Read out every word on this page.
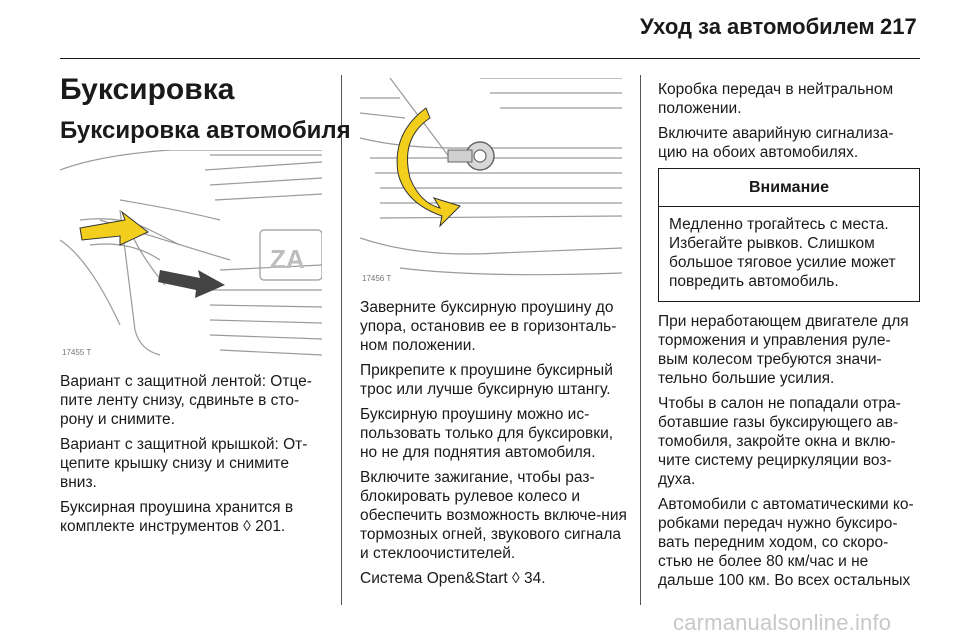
Уход за автомобилем 217
Буксировка
Буксировка автомобиля
ZA
17455 T
17456 T

Вариант с защитной лентой: Отце-пите ленту снизу, сдвиньте в сто-рону и снимите.

Вариант с защитной крышкой: От-цепите крышку снизу и снимите вниз.

Буксирная проушина хранится в комплекте инструментов ◊ 201.

Заверните буксирную проушину до упора, остановив ее в горизонталь-ном положении.

Прикрепите к проушине буксирный трос или лучше буксирную штангу.

Буксирную проушину можно ис-пользовать только для буксировки, но не для поднятия автомобиля.

Включите зажигание, чтобы раз-блокировать рулевое колесо и обеспечить возможность включе-ния тормозных огней, звукового сигнала и стеклоочистителей.

Система Open&Start ◊ 34.

Коробка передач в нейтральном положении.

Включите аварийную сигнализа-цию на обоих автомобилях.

Внимание
Медленно трогайтесь с места. Избегайте рывков. Слишком большое тяговое усилие может повредить автомобиль.

При неработающем двигателе для торможения и управления руле-вым колесом требуются значи-тельно большие усилия.

Чтобы в салон не попадали отра-ботавшие газы буксирующего ав-томобиля, закройте окна и вклю-чите систему рециркуляции воз-духа.

Автомобили с автоматическими ко-робками передач нужно буксиро-вать передним ходом, со скоро-стью не более 80 км/час и не дальше 100 км. Во всех остальных

carmanualsonline.info
